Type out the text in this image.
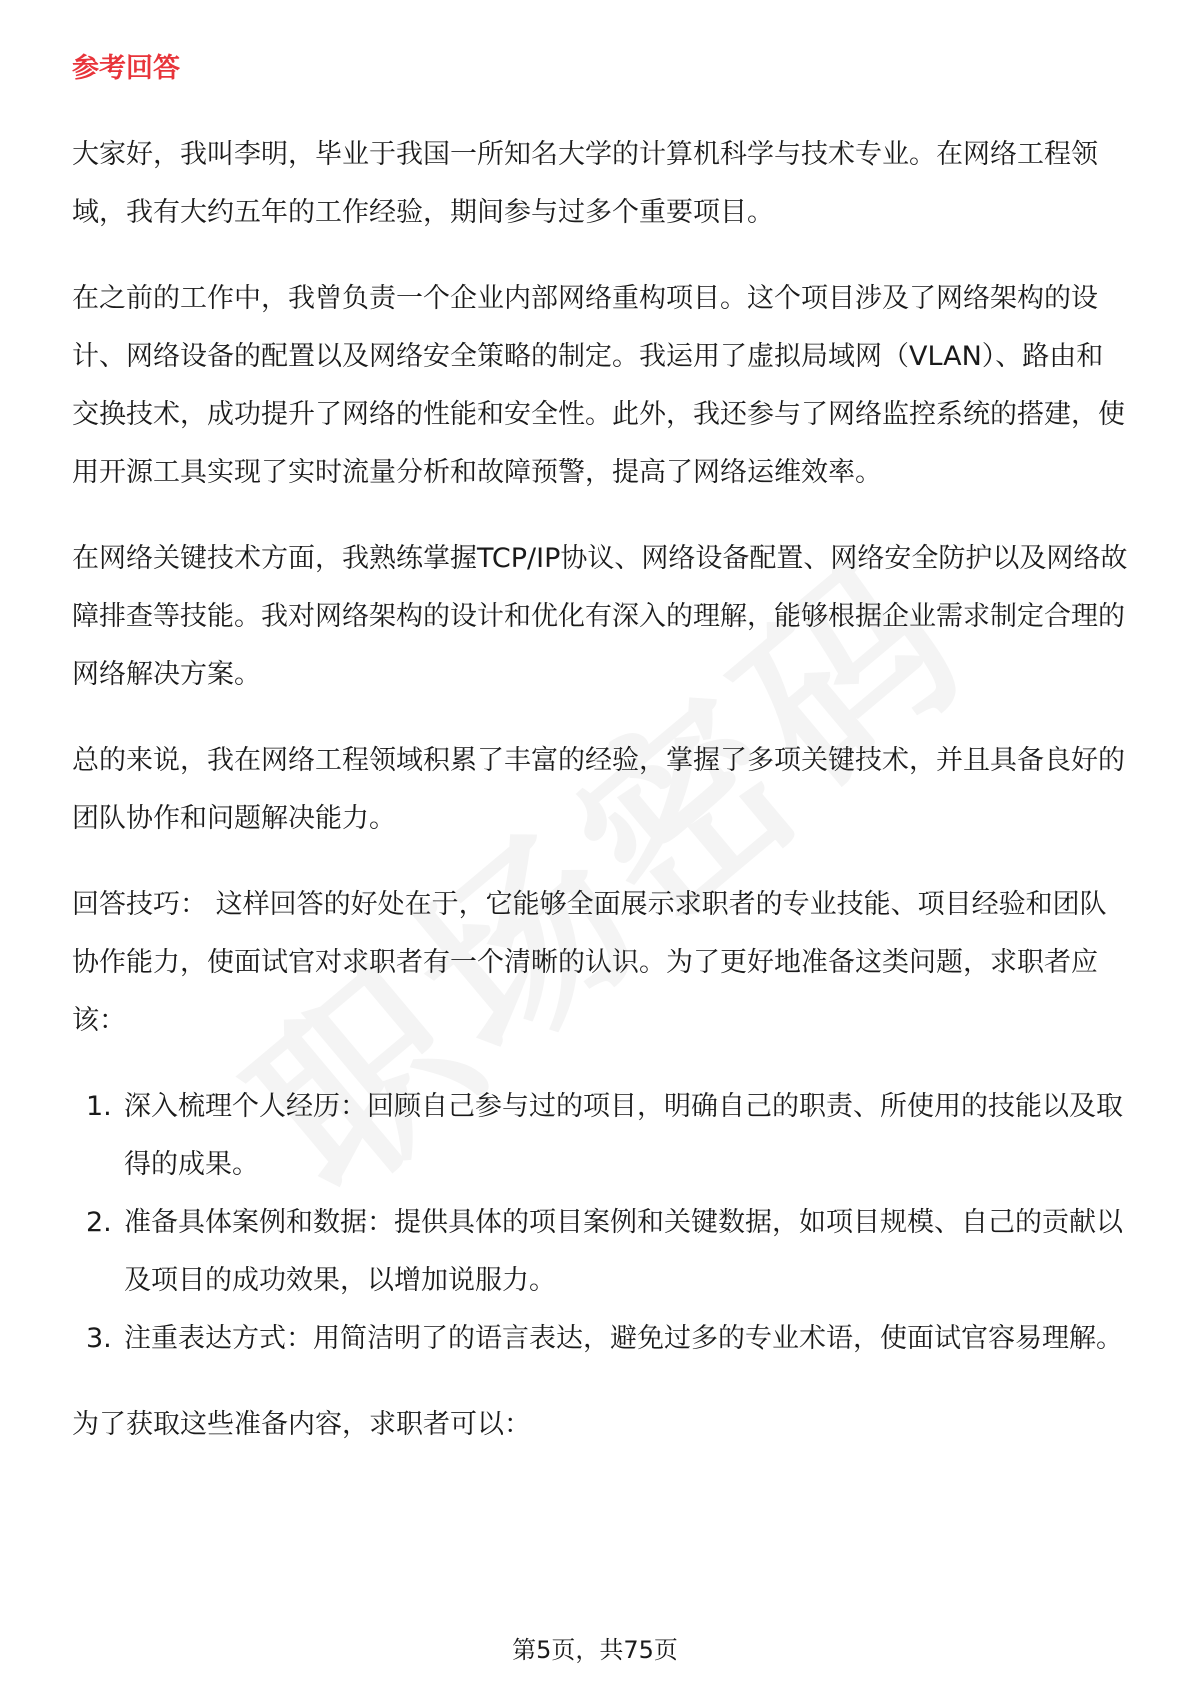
参考回答

大家好，我叫李明，毕业于我国一所知名大学的计算机科学与技术专业。在网络工程领域，我有大约五年的工作经验，期间参与过多个重要项目。

在之前的工作中，我曾负责一个企业内部网络重构项目。这个项目涉及了网络架构的设计、网络设备的配置以及网络安全策略的制定。我运用了虚拟局域网（VLAN）、路由和交换技术，成功提升了网络的性能和安全性。此外，我还参与了网络监控系统的搭建，使用开源工具实现了实时流量分析和故障预警，提高了网络运维效率。

在网络关键技术方面，我熟练掌握TCP/IP协议、网络设备配置、网络安全防护以及网络故障排查等技能。我对网络架构的设计和优化有深入的理解，能够根据企业需求制定合理的网络解决方案。

总的来说，我在网络工程领域积累了丰富的经验，掌握了多项关键技术，并且具备良好的团队协作和问题解决能力。

回答技巧： 这样回答的好处在于，它能够全面展示求职者的专业技能、项目经验和团队协作能力，使面试官对求职者有一个清晰的认识。为了更好地准备这类问题，求职者应该：

1. 深入梳理个人经历：回顾自己参与过的项目，明确自己的职责、所使用的技能以及取得的成果。
2. 准备具体案例和数据：提供具体的项目案例和关键数据，如项目规模、自己的贡献以及项目的成功效果，以增加说服力。
3. 注重表达方式：用简洁明了的语言表达，避免过多的专业术语，使面试官容易理解。

为了获取这些准备内容，求职者可以：

第5页，共75页
